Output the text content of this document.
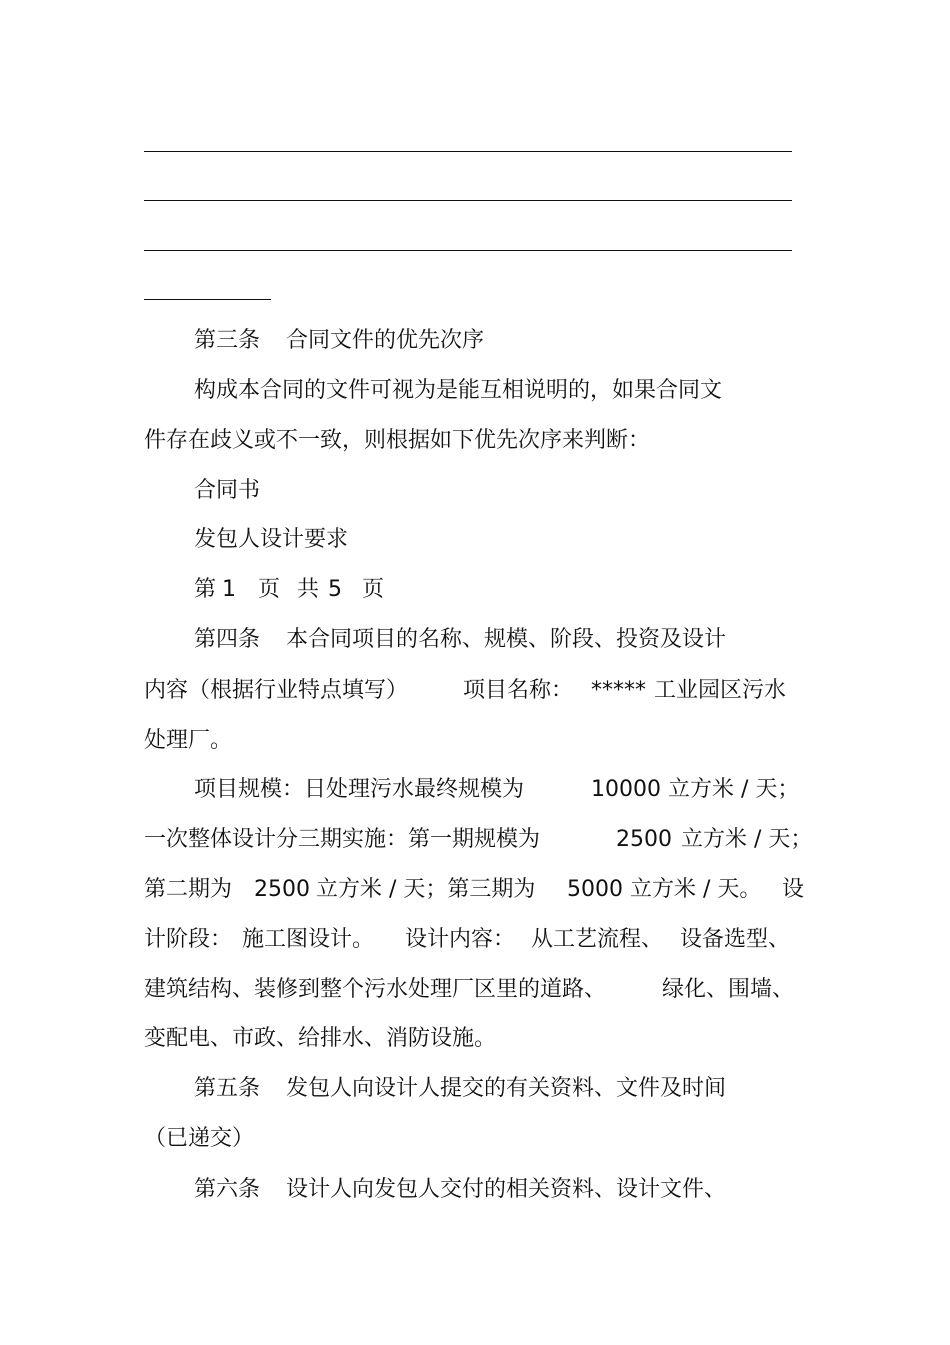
第三条 合同文件的优先次序
构成本合同的文件可视为是能互相说明的，如果合同文
件存在歧义或不一致，则根据如下优先次序来判断：
合同书
发包人设计要求
第 1 页 共 5 页
第四条 本合同项目的名称、规模、阶段、投资及设计
内容（根据行业特点填写） 项目名称： ***** 工业园区污水
处理厂。
项目规模：日处理污水最终规模为	10000 立方米 / 天；
一次整体设计分三期实施：第一期规模为	2500 立方米 / 天；
第二期为 2500 立方米 / 天；第三期为 5000 立方米 / 天。 设
计阶段： 施工图设计。 设计内容： 从工艺流程、 设备选型、
建筑结构、装修到整个污水处理厂区里的道路、	绿化、围墙、
变配电、市政、给排水、消防设施。
第五条 发包人向设计人提交的有关资料、文件及时间
（已递交）
第六条 设计人向发包人交付的相关资料、设计文件、
